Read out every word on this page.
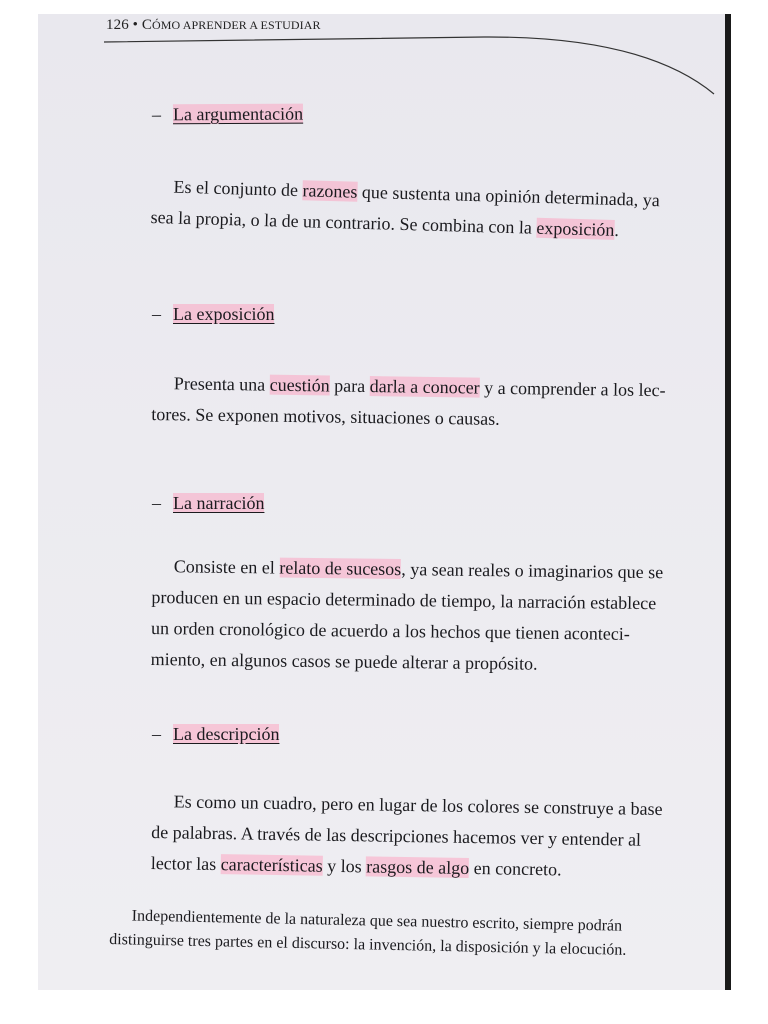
126 • CÓMO APRENDER A ESTUDIAR
– La argumentación
Es el conjunto de razones que sustenta una opinión determinada, ya
sea la propia, o la de un contrario. Se combina con la exposición.
– La exposición
Presenta una cuestión para darla a conocer y a comprender a los lec-
tores. Se exponen motivos, situaciones o causas.
– La narración
Consiste en el relato de sucesos, ya sean reales o imaginarios que se
producen en un espacio determinado de tiempo, la narración establece
un orden cronológico de acuerdo a los hechos que tienen aconteci-
miento, en algunos casos se puede alterar a propósito.
– La descripción
Es como un cuadro, pero en lugar de los colores se construye a base
de palabras. A través de las descripciones hacemos ver y entender al
lector las características y los rasgos de algo en concreto.
Independientemente de la naturaleza que sea nuestro escrito, siempre podrán
distinguirse tres partes en el discurso: la invención, la disposición y la elocución.
